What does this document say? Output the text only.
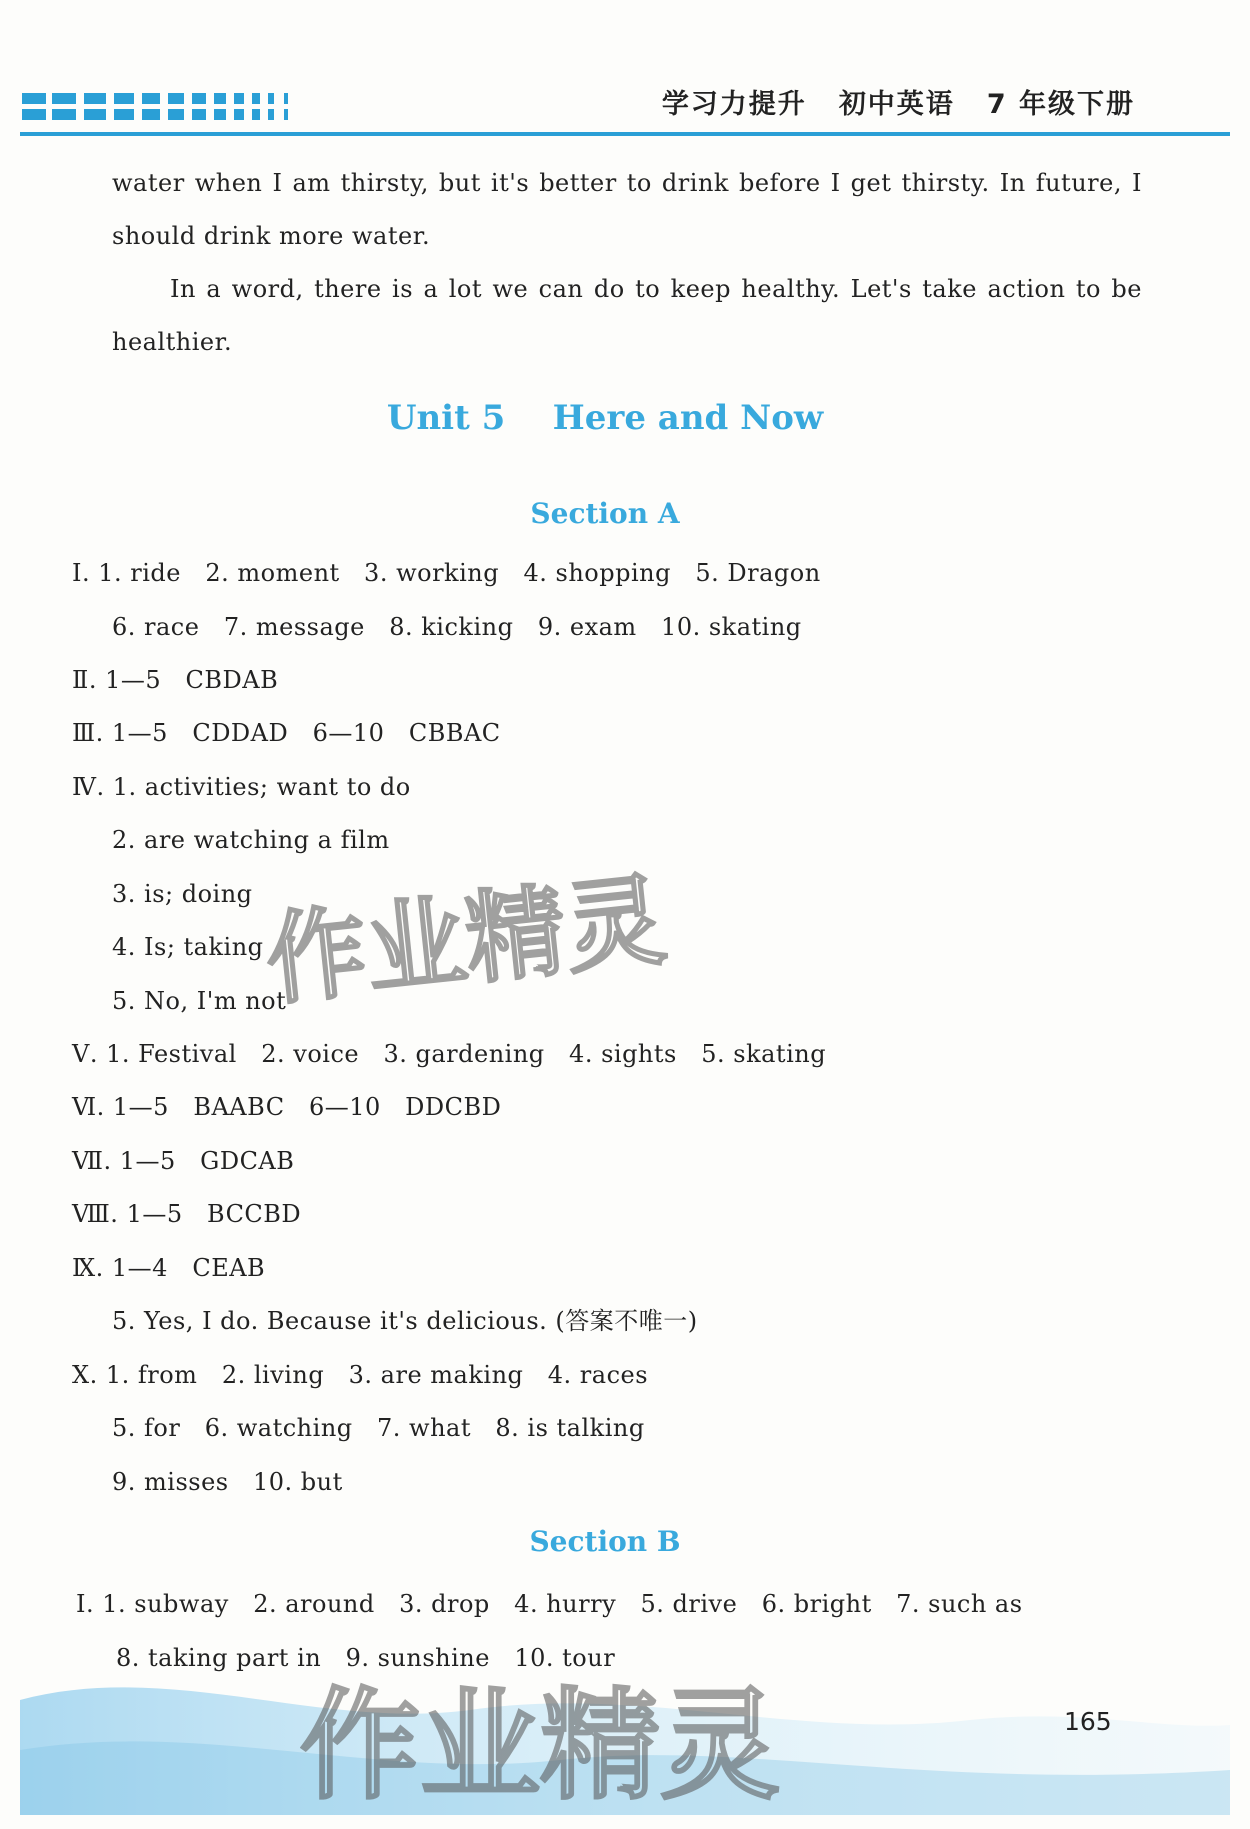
学习力提升 初中英语 7 年级下册

water when I am thirsty, but it's better to drink before I get thirsty. In future, I should drink more water.

In a word, there is a lot we can do to keep healthy. Let's take action to be healthier.

Unit 5    Here and Now
Section A
Ⅰ. 1. ride   2. moment   3. working   4. shopping   5. Dragon
6. race   7. message   8. kicking   9. exam   10. skating
Ⅱ. 1—5   CBDAB
Ⅲ. 1—5   CDDAD   6—10   CBBAC
Ⅳ. 1. activities; want to do
2. are watching a film
3. is; doing
4. Is; taking
5. No, I'm not
Ⅴ. 1. Festival   2. voice   3. gardening   4. sights   5. skating
Ⅵ. 1—5   BAABC   6—10   DDCBD
Ⅶ. 1—5   GDCAB
Ⅷ. 1—5   BCCBD
Ⅸ. 1—4   CEAB
5. Yes, I do. Because it's delicious. (答案不唯一)
Ⅹ. 1. from   2. living   3. are making   4. races
5. for   6. watching   7. what   8. is talking
9. misses   10. but
Section B
Ⅰ. 1. subway   2. around   3. drop   4. hurry   5. drive   6. bright   7. such as
8. taking part in   9. sunshine   10. tour
作业精灵
作业精灵	165
